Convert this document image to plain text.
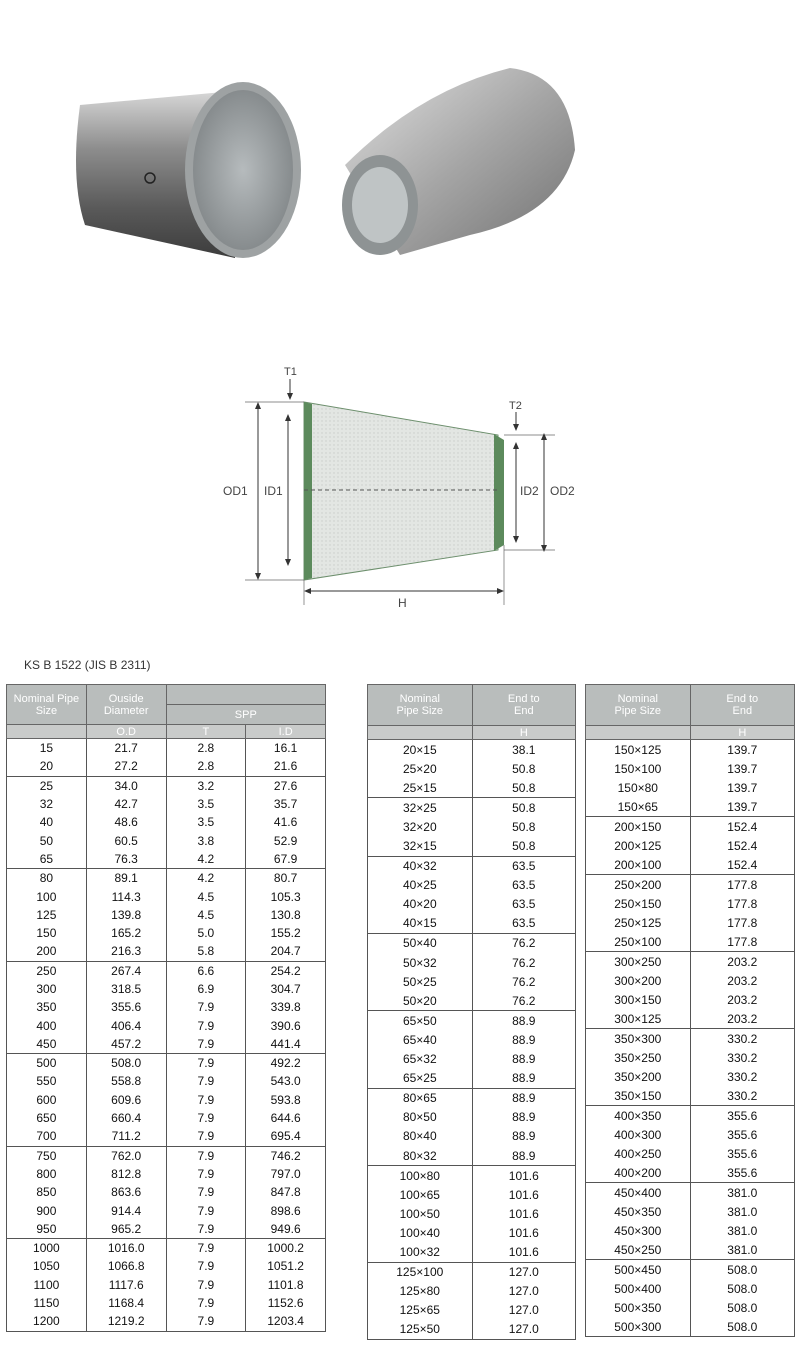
OD1 ID1
T1
H
T2
ID2 OD2
KS B 1522 (JIS B 2311)
Nominal Pipe Size	Ouside Diameter		
		SPP	
	O.D	T	I.D
15	21.7	2.8	16.1
20	27.2	2.8	21.6
25	34.0	3.2	27.6
32	42.7	3.5	35.7
40	48.6	3.5	41.6
50	60.5	3.8	52.9
65	76.3	4.2	67.9
80	89.1	4.2	80.7
100	114.3	4.5	105.3
125	139.8	4.5	130.8
150	165.2	5.0	155.2
200	216.3	5.8	204.7
250	267.4	6.6	254.2
300	318.5	6.9	304.7
350	355.6	7.9	339.8
400	406.4	7.9	390.6
450	457.2	7.9	441.4
500	508.0	7.9	492.2
550	558.8	7.9	543.0
600	609.6	7.9	593.8
650	660.4	7.9	644.6
700	711.2	7.9	695.4
750	762.0	7.9	746.2
800	812.8	7.9	797.0
850	863.6	7.9	847.8
900	914.4	7.9	898.6
950	965.2	7.9	949.6
1000	1016.0	7.9	1000.2
1050	1066.8	7.9	1051.2
1100	1117.6	7.9	1101.8
1150	1168.4	7.9	1152.6
1200	1219.2	7.9	1203.4
Nominal Pipe Size	End to End
	H
20×15	38.1
25×20	50.8
25×15	50.8
32×25	50.8
32×20	50.8
32×15	50.8
40×32	63.5
40×25	63.5
40×20	63.5
40×15	63.5
50×40	76.2
50×32	76.2
50×25	76.2
50×20	76.2
65×50	88.9
65×40	88.9
65×32	88.9
65×25	88.9
80×65	88.9
80×50	88.9
80×40	88.9
80×32	88.9
100×80	101.6
100×65	101.6
100×50	101.6
100×40	101.6
100×32	101.6
125×100	127.0
125×80	127.0
125×65	127.0
125×50	127.0
Nominal Pipe Size	End to End
	H
150×125	139.7
150×100	139.7
150×80	139.7
150×65	139.7
200×150	152.4
200×125	152.4
200×100	152.4
250×200	177.8
250×150	177.8
250×125	177.8
250×100	177.8
300×250	203.2
300×200	203.2
300×150	203.2
300×125	203.2
350×300	330.2
350×250	330.2
350×200	330.2
350×150	330.2
400×350	355.6
400×300	355.6
400×250	355.6
400×200	355.6
450×400	381.0
450×350	381.0
450×300	381.0
450×250	381.0
500×450	508.0
500×400	508.0
500×350	508.0
500×300	508.0
